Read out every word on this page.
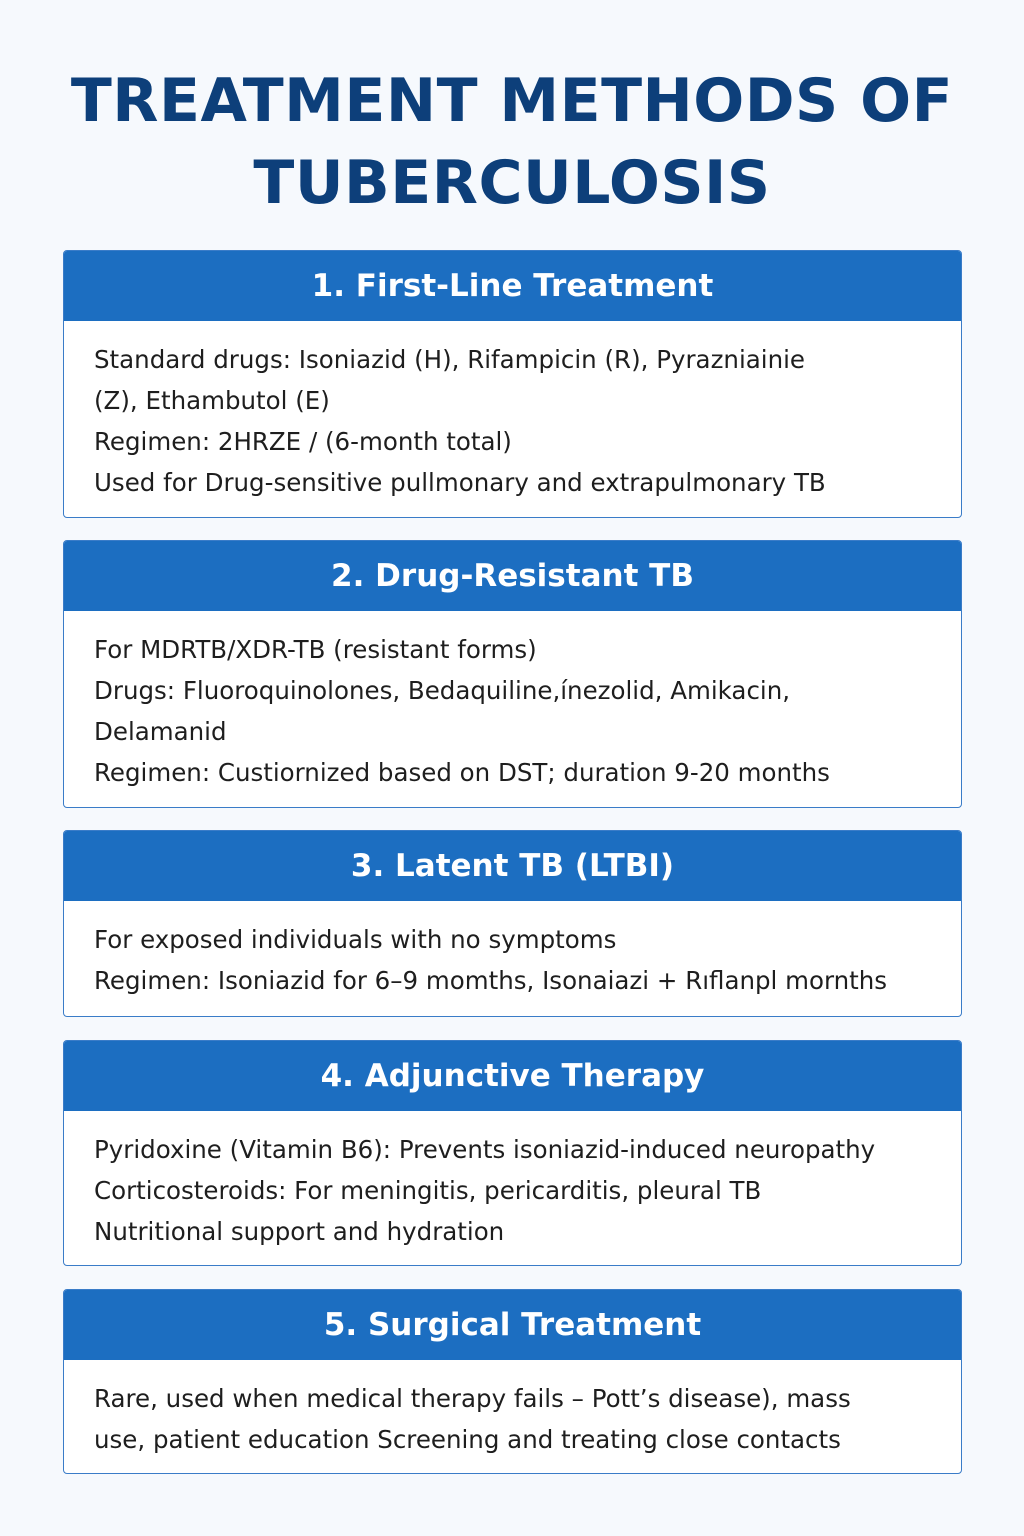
TREATMENT METHODS OF
TUBERCULOSIS
1. First-Line Treatment
Standard drugs: Isoniazid (H), Rifampicin (R), Pyrazniainie
(Z), Ethambutol (E)
Regimen: 2HRZE / (6-month total)
Used for Drug-sensitive pullmonary and extrapulmonary TB
2. Drug-Resistant TB
For MDRTB/XDR-TB (resistant forms)
Drugs: Fluoroquinolones, Bedaquiline,ínezolid, Amikacin,
Delamanid
Regimen: Custiornized based on DST; duration 9-20 months
3. Latent TB (LTBI)
For exposed individuals with no symptoms
Regimen: Isoniazid for 6–9 momths, Isonaiazi + Rıflanpl mornths
4. Adjunctive Therapy
Pyridoxine (Vitamin B6): Prevents isoniazid-induced neuropathy
Corticosteroids: For meningitis, pericarditis, pleural TB
Nutritional support and hydration
5. Surgical Treatment
Rare, used when medical therapy fails – Pott’s disease), mass
use, patient education Screening and treating close contacts
